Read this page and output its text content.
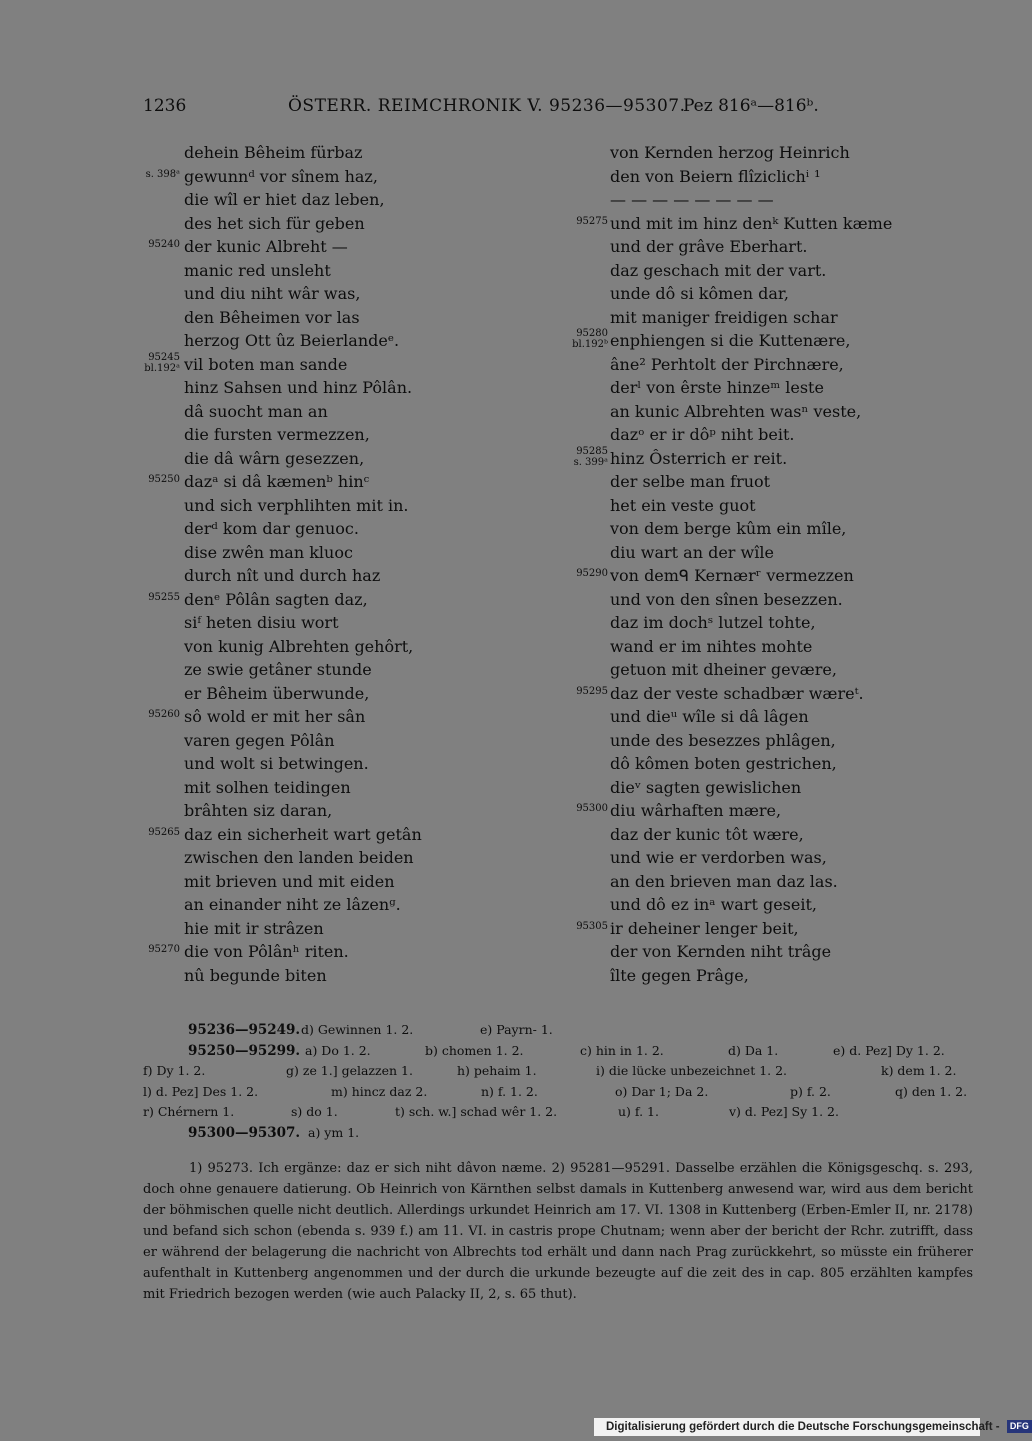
1236	ÖSTERR. REIMCHRONIK V. 95236—95307.
Pez 816ᵃ—816ᵇ.
dehein Bêheim fürbaz
gewunnᵈ vor sînem haz,
s. 398ᵃ
die wîl er hiet daz leben,
des het sich für geben
der kunic Albreht —
95240
manic red unsleht
und diu niht wâr was,
den Bêheimen vor las
herzog Ott ûz Beierlandeᵉ.
vil boten man sande
95245
bl.192ᵃ
hinz Sahsen und hinz Pôlân.
dâ suocht man an
die fursten vermezzen,
die dâ wârn gesezzen,
dazᵃ si dâ kæmenᵇ hinᶜ
95250
und sich verphlihten mit in.
derᵈ kom dar genuoc.
dise zwên man kluoc
durch nît und durch haz
denᵉ Pôlân sagten daz,
95255
siᶠ heten disiu wort
von kunig Albrehten gehôrt,
ze swie getâner stunde
er Bêheim überwunde,
sô wold er mit her sân
95260
varen gegen Pôlân
und wolt si betwingen.
mit solhen teidingen
brâhten siz daran,
daz ein sicherheit wart getân
95265
zwischen den landen beiden
mit brieven und mit eiden
an einander niht ze lâzenᵍ.
hie mit ir strâzen
die von Pôlânʰ riten.
95270
nû begunde biten
von Kernden herzog Heinrich
den von Beiern flîziclichⁱ ¹
— — — — — — — —
und mit im hinz denᵏ Kutten kæme
95275
und der grâve Eberhart.
daz geschach mit der vart.
unde dô si kômen dar,
mit maniger freidigen schar
enphiengen si die Kuttenære,
95280
bl.192ᵇ
âne² Perhtolt der Pirchnære,
derˡ von êrste hinzeᵐ leste
an kunic Albrehten wasⁿ veste,
dazᵒ er ir dôᵖ niht beit.
hinz Ôsterrich er reit.
95285
s. 399ᵃ
der selbe man fruot
het ein veste guot
von dem berge kûm ein mîle,
diu wart an der wîle
von demᑫ Kernærʳ vermezzen
95290
und von den sînen besezzen.
daz im dochˢ lutzel tohte,
wand er im nihtes mohte
getuon mit dheiner gevære,
daz der veste schadbær wæreᵗ.
95295
und dieᵘ wîle si dâ lâgen
unde des besezzes phlâgen,
dô kômen boten gestrichen,
dieᵛ sagten gewislichen
diu wârhaften mære,
95300
daz der kunic tôt wære,
und wie er verdorben was,
an den brieven man daz las.
und dô ez inᵃ wart geseit,
ir deheiner lenger beit,
95305
der von Kernden niht trâge
îlte gegen Prâge,
95236—95249. d) Gewinnen 1. 2.	e) Payrn- 1.
95250—95299. a) Do 1. 2.	b) chomen 1. 2.	c) hin in 1. 2.	d) Da 1.	e) d. Pez] Dy 1. 2.
f) Dy 1. 2.	g) ze 1.] gelazzen 1.	h) pehaim 1.	i) die lücke unbezeichnet 1. 2.	k) dem 1. 2.
l) d. Pez] Des 1. 2.	m) hincz daz 2.	n) f. 1. 2.	o) Dar 1; Da 2.	p) f. 2.	q) den 1. 2.
r) Chérnern 1.	s) do 1.	t) sch. w.] schad wêr 1. 2.	u) f. 1.	v) d. Pez] Sy 1. 2.
95300—95307. a) ym 1.

1) 95273. Ich ergänze: daz er sich niht dâvon næme. 2) 95281—95291. Dasselbe erzählen die Königsgeschq. s. 293, doch ohne genauere datierung. Ob Heinrich von Kärnthen selbst damals in Kuttenberg anwesend war, wird aus dem bericht der böhmischen quelle nicht deutlich. Allerdings urkundet Heinrich am 17. VI. 1308 in Kuttenberg (Erben-Emler II, nr. 2178) und befand sich schon (ebenda s. 939 f.) am 11. VI. in castris prope Chutnam; wenn aber der bericht der Rchr. zutrifft, dass er während der belagerung die nachricht von Albrechts tod erhält und dann nach Prag zurückkehrt, so müsste ein früherer aufenthalt in Kuttenberg angenommen und der durch die urkunde bezeugte auf die zeit des in cap. 805 erzählten kampfes mit Friedrich bezogen werden (wie auch Palacky II, 2, s. 65 thut).

Digitalisierung gefördert durch die Deutsche Forschungsgemeinschaft - DFG
